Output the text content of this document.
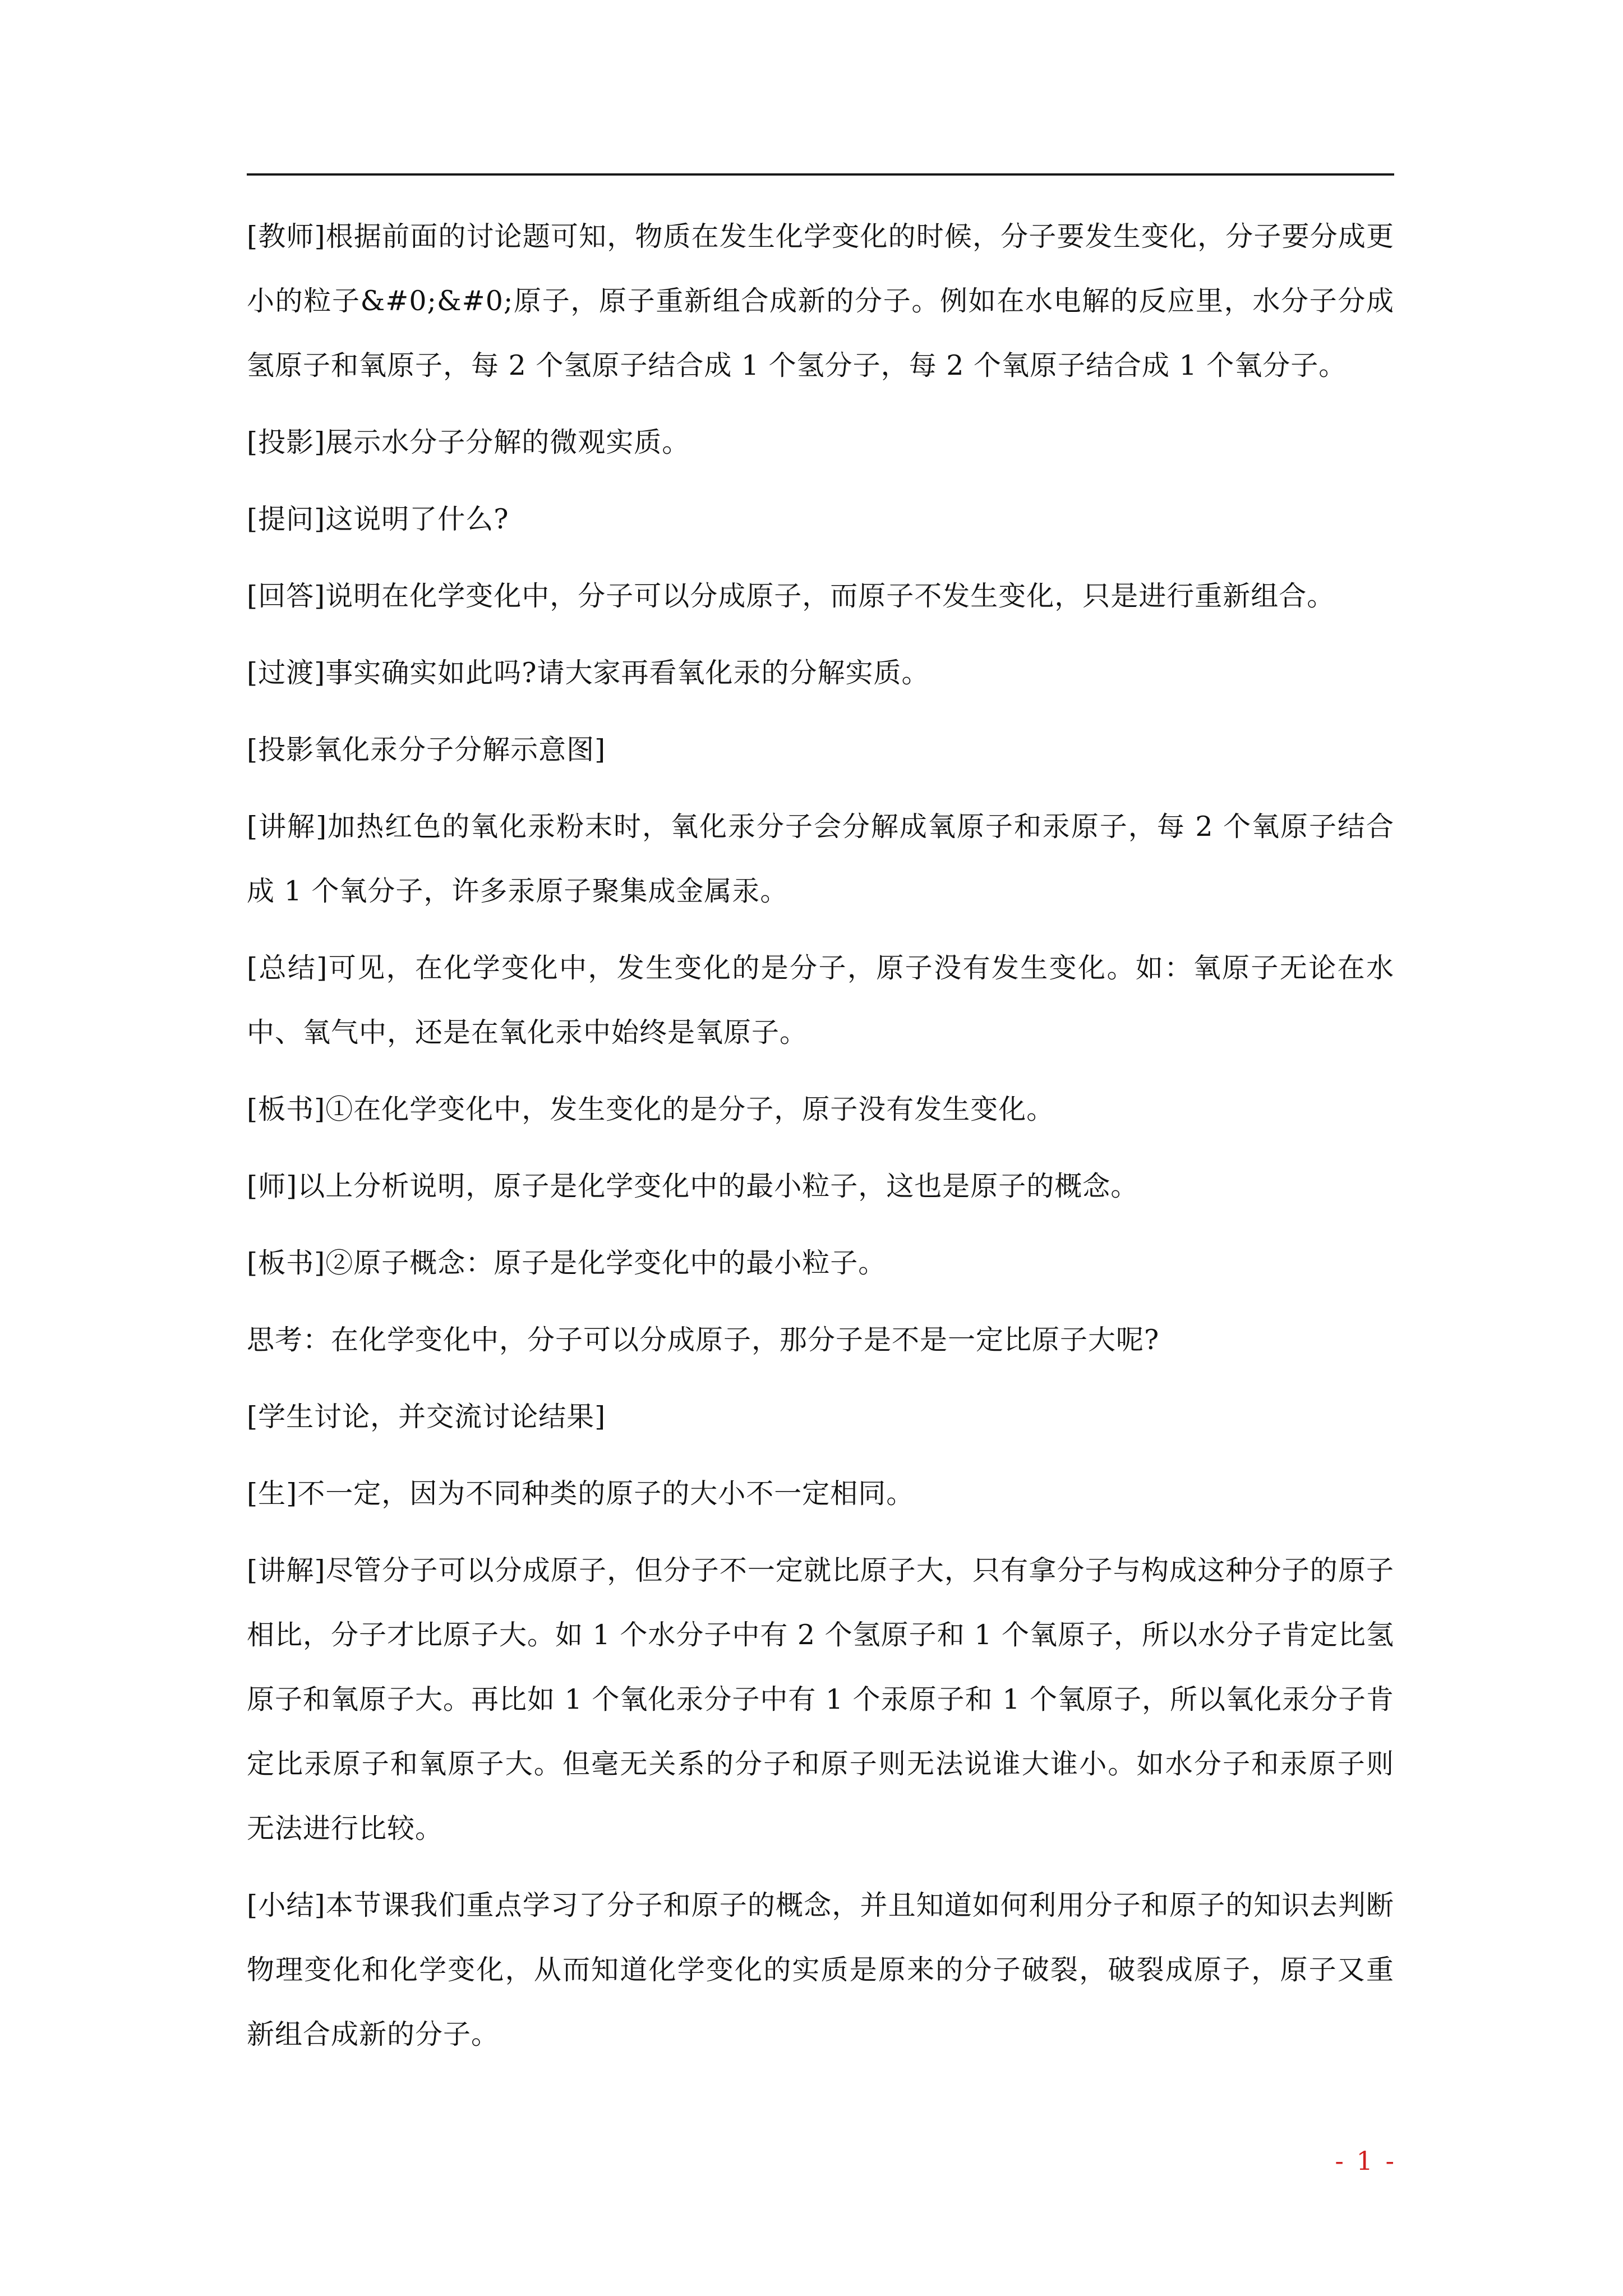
[教师]根据前面的讨论题可知，物质在发生化学变化的时候，分子要发生变化，分子要分成更小的粒子&#0;&#0;原子，原子重新组合成新的分子。例如在水电解的反应里，水分子分成氢原子和氧原子，每 2 个氢原子结合成 1 个氢分子，每 2 个氧原子结合成 1 个氧分子。

[投影]展示水分子分解的微观实质。

[提问]这说明了什么?

[回答]说明在化学变化中，分子可以分成原子，而原子不发生变化，只是进行重新组合。

[过渡]事实确实如此吗?请大家再看氧化汞的分解实质。

[投影氧化汞分子分解示意图]

[讲解]加热红色的氧化汞粉末时，氧化汞分子会分解成氧原子和汞原子，每 2 个氧原子结合成 1 个氧分子，许多汞原子聚集成金属汞。

[总结]可见，在化学变化中，发生变化的是分子，原子没有发生变化。如：氧原子无论在水中、氧气中，还是在氧化汞中始终是氧原子。

[板书]①在化学变化中，发生变化的是分子，原子没有发生变化。

[师]以上分析说明，原子是化学变化中的最小粒子，这也是原子的概念。

[板书]②原子概念：原子是化学变化中的最小粒子。

思考：在化学变化中，分子可以分成原子，那分子是不是一定比原子大呢?

[学生讨论，并交流讨论结果]

[生]不一定，因为不同种类的原子的大小不一定相同。

[讲解]尽管分子可以分成原子，但分子不一定就比原子大，只有拿分子与构成这种分子的原子相比，分子才比原子大。如 1 个水分子中有 2 个氢原子和 1 个氧原子，所以水分子肯定比氢原子和氧原子大。再比如 1 个氧化汞分子中有 1 个汞原子和 1 个氧原子，所以氧化汞分子肯定比汞原子和氧原子大。但毫无关系的分子和原子则无法说谁大谁小。如水分子和汞原子则无法进行比较。

[小结]本节课我们重点学习了分子和原子的概念，并且知道如何利用分子和原子的知识去判断物理变化和化学变化，从而知道化学变化的实质是原来的分子破裂，破裂成原子，原子又重新组合成新的分子。

- 1 -
